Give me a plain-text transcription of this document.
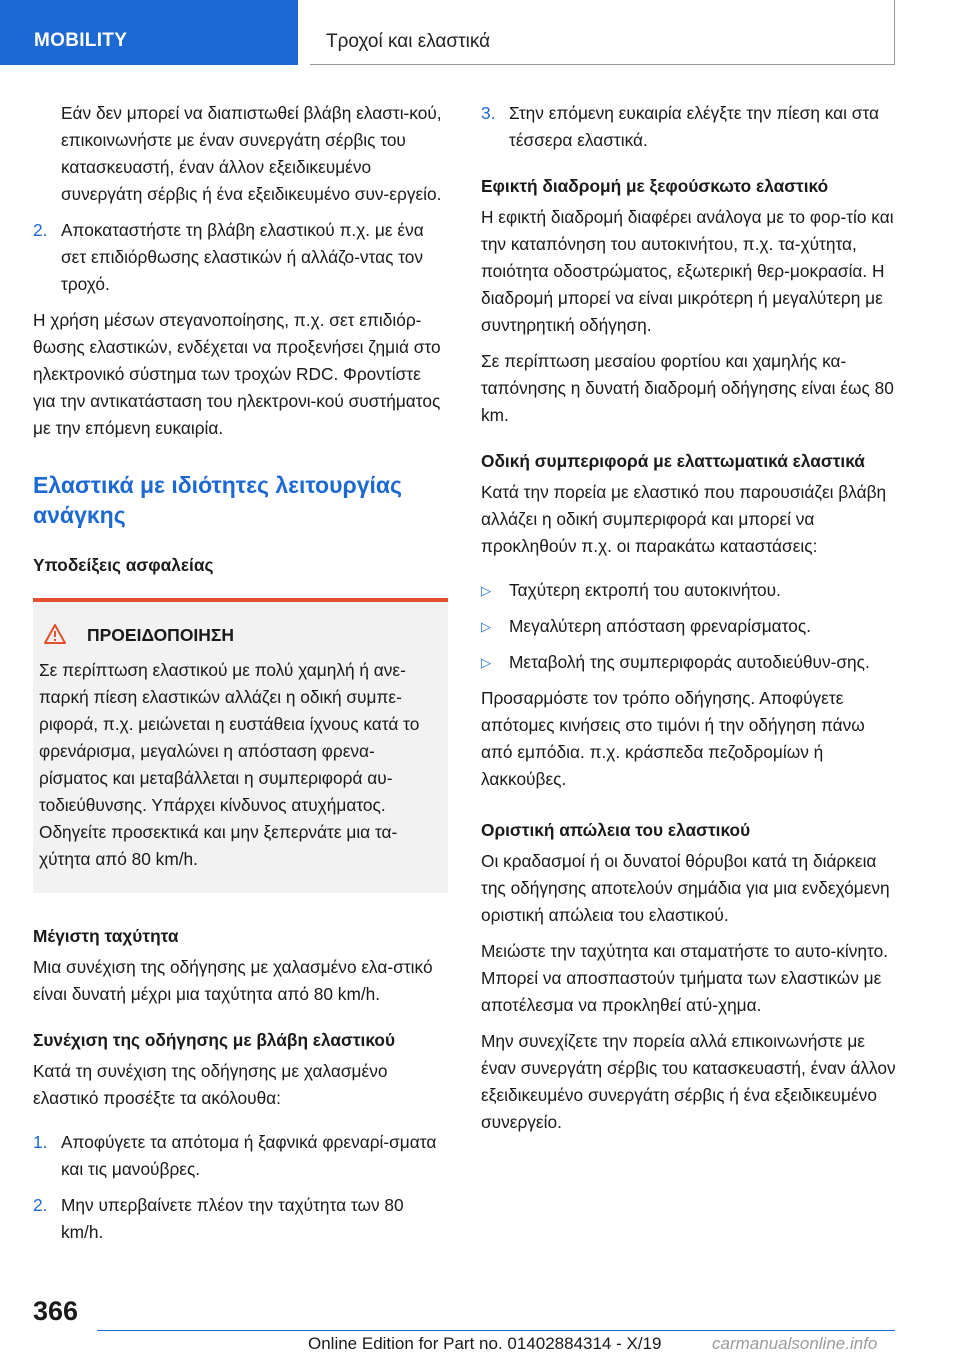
MOBILITY	Τροχοί και ελαστικά

Εάν δεν μπορεί να διαπιστωθεί βλάβη ελαστι-κού, επικοινωνήστε με έναν συνεργάτη σέρβις του κατασκευαστή, έναν άλλον εξειδικευμένο συνεργάτη σέρβις ή ένα εξειδικευμένο συν-εργείο.

2. Αποκαταστήστε τη βλάβη ελαστικού π.χ. με ένα σετ επιδιόρθωσης ελαστικών ή αλλάζο-ντας τον τροχό.

Η χρήση μέσων στεγανοποίησης, π.χ. σετ επιδιόρ-θωσης ελαστικών, ενδέχεται να προξενήσει ζημιά στο ηλεκτρονικό σύστημα των τροχών RDC. Φροντίστε για την αντικατάσταση του ηλεκτρονι-κού συστήματος με την επόμενη ευκαιρία.

Ελαστικά με ιδιότητες λειτουργίας ανάγκης

Υποδείξεις ασφαλείας

ΠΡΟΕΙΔΟΠΟΙΗΣΗ

Σε περίπτωση ελαστικού με πολύ χαμηλή ή ανε-παρκή πίεση ελαστικών αλλάζει η οδική συμπε-ριφορά, π.χ. μειώνεται η ευστάθεια ίχνους κατά το φρενάρισμα, μεγαλώνει η απόσταση φρενα-ρίσματος και μεταβάλλεται η συμπεριφορά αυ-τοδιεύθυνσης. Υπάρχει κίνδυνος ατυχήματος. Οδηγείτε προσεκτικά και μην ξεπερνάτε μια τα-χύτητα από 80 km/h.

Μέγιστη ταχύτητα

Μια συνέχιση της οδήγησης με χαλασμένο ελα-στικό είναι δυνατή μέχρι μια ταχύτητα από 80 km/h.

Συνέχιση της οδήγησης με βλάβη ελαστικού

Κατά τη συνέχιση της οδήγησης με χαλασμένο ελαστικό προσέξτε τα ακόλουθα:

1. Αποφύγετε τα απότομα ή ξαφνικά φρεναρί-σματα και τις μανούβρες.

2. Μην υπερβαίνετε πλέον την ταχύτητα των 80 km/h.

3. Στην επόμενη ευκαιρία ελέγξτε την πίεση και στα τέσσερα ελαστικά.

Εφικτή διαδρομή με ξεφούσκωτο ελαστικό

Η εφικτή διαδρομή διαφέρει ανάλογα με το φορ-τίο και την καταπόνηση του αυτοκινήτου, π.χ. τα-χύτητα, ποιότητα οδοστρώματος, εξωτερική θερ-μοκρασία. Η διαδρομή μπορεί να είναι μικρότερη ή μεγαλύτερη με συντηρητική οδήγηση.

Σε περίπτωση μεσαίου φορτίου και χαμηλής κα-ταπόνησης η δυνατή διαδρομή οδήγησης είναι έως 80 km.

Οδική συμπεριφορά με ελαττωματικά ελαστικά

Κατά την πορεία με ελαστικό που παρουσιάζει βλάβη αλλάζει η οδική συμπεριφορά και μπορεί να προκληθούν π.χ. οι παρακάτω καταστάσεις:

▷ Ταχύτερη εκτροπή του αυτοκινήτου.

▷ Μεγαλύτερη απόσταση φρεναρίσματος.

▷ Μεταβολή της συμπεριφοράς αυτοδιεύθυν-σης.

Προσαρμόστε τον τρόπο οδήγησης. Αποφύγετε απότομες κινήσεις στο τιμόνι ή την οδήγηση πάνω από εμπόδια. π.χ. κράσπεδα πεζοδρομίων ή λακκούβες.

Οριστική απώλεια του ελαστικού

Οι κραδασμοί ή οι δυνατοί θόρυβοι κατά τη διάρκεια της οδήγησης αποτελούν σημάδια για μια ενδεχόμενη οριστική απώλεια του ελαστικού.

Μειώστε την ταχύτητα και σταματήστε το αυτο-κίνητο. Μπορεί να αποσπαστούν τμήματα των ελαστικών με αποτέλεσμα να προκληθεί ατύ-χημα.

Μην συνεχίζετε την πορεία αλλά επικοινωνήστε με έναν συνεργάτη σέρβις του κατασκευαστή, έναν άλλον εξειδικευμένο συνεργάτη σέρβις ή ένα εξειδικευμένο συνεργείο.

366
Online Edition for Part no. 01402884314 - X/19	carmanualsonline.info
